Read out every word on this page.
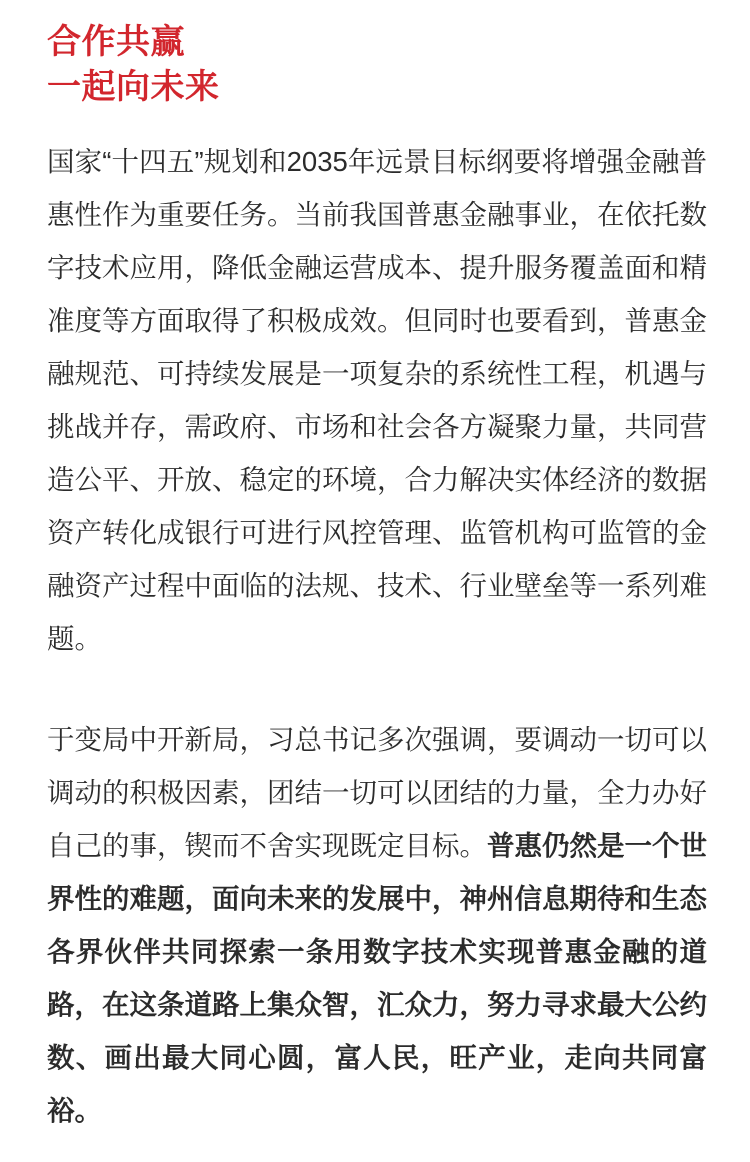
合作共赢
一起向未来

国家“十四五”规划和2035年远景目标纲要将增强金融普惠性作为重要任务。当前我国普惠金融事业，在依托数字技术应用，降低金融运营成本、提升服务覆盖面和精准度等方面取得了积极成效。但同时也要看到，普惠金融规范、可持续发展是一项复杂的系统性工程，机遇与挑战并存，需政府、市场和社会各方凝聚力量，共同营造公平、开放、稳定的环境，合力解决实体经济的数据资产转化成银行可进行风控管理、监管机构可监管的金融资产过程中面临的法规、技术、行业壁垒等一系列难题。

于变局中开新局，习总书记多次强调，要调动一切可以调动的积极因素，团结一切可以团结的力量，全力办好自己的事，锲而不舍实现既定目标。普惠仍然是一个世界性的难题，面向未来的发展中，神州信息期待和生态各界伙伴共同探索一条用数字技术实现普惠金融的道路，在这条道路上集众智，汇众力，努力寻求最大公约数、画出最大同心圆，富人民，旺产业，走向共同富裕。
